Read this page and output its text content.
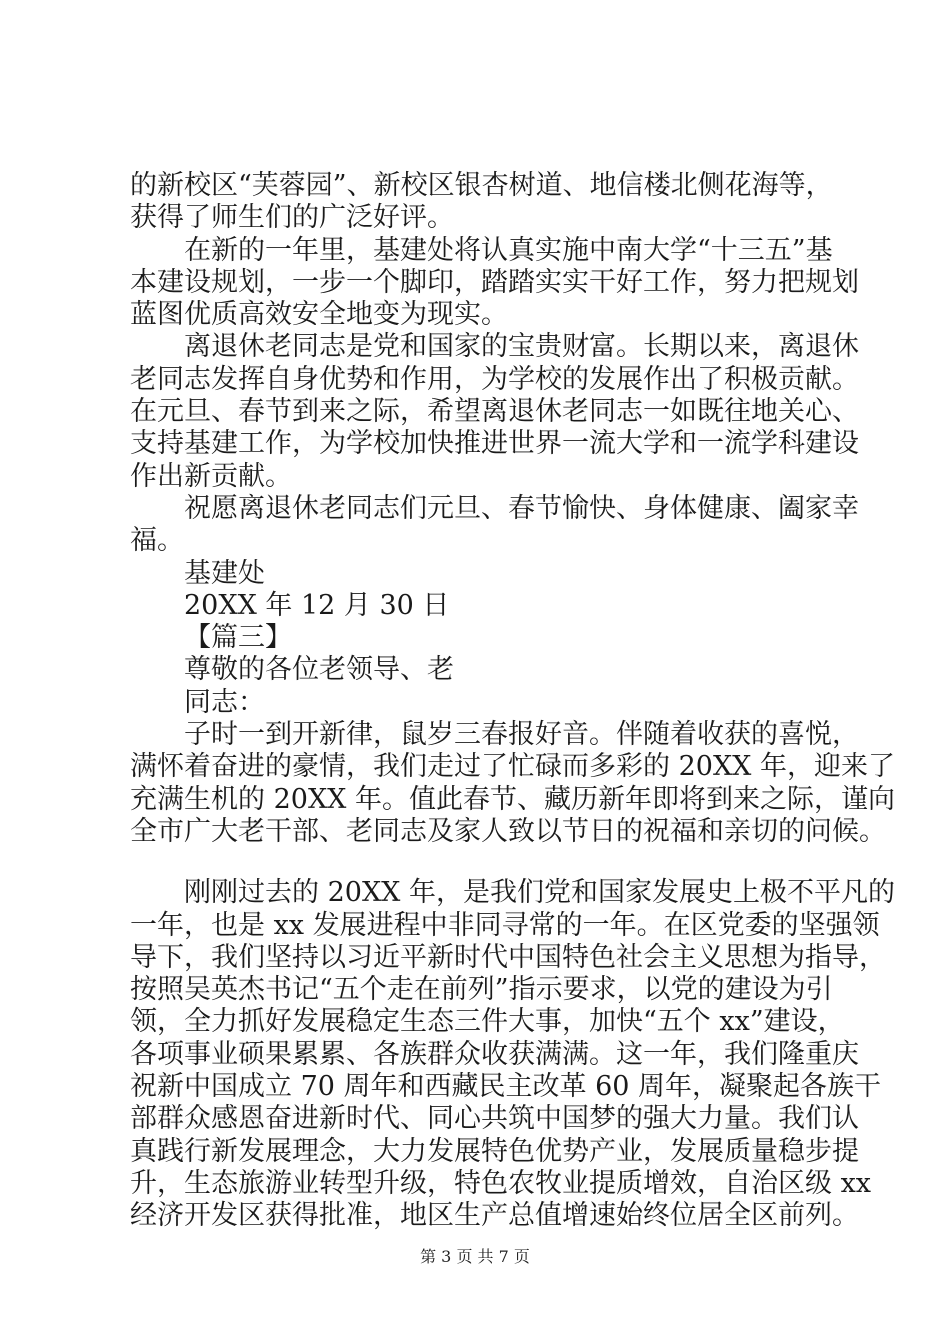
的新校区“芙蓉园”、新校区银杏树道、地信楼北侧花海等，
获得了师生们的广泛好评。
在新的一年里，基建处将认真实施中南大学“十三五”基
本建设规划，一步一个脚印，踏踏实实干好工作，努力把规划
蓝图优质高效安全地变为现实。
离退休老同志是党和国家的宝贵财富。长期以来，离退休
老同志发挥自身优势和作用，为学校的发展作出了积极贡献。
在元旦、春节到来之际，希望离退休老同志一如既往地关心、
支持基建工作，为学校加快推进世界一流大学和一流学科建设
作出新贡献。
祝愿离退休老同志们元旦、春节愉快、身体健康、阖家幸
福。
基建处
20XX 年 12 月 30 日
【篇三】
尊敬的各位老领导、老
同志：
子时一到开新律，鼠岁三春报好音。伴随着收获的喜悦，
满怀着奋进的豪情，我们走过了忙碌而多彩的 20XX 年，迎来了
充满生机的 20XX 年。值此春节、藏历新年即将到来之际，谨向
全市广大老干部、老同志及家人致以节日的祝福和亲切的问候。
刚刚过去的 20XX 年，是我们党和国家发展史上极不平凡的
一年，也是 xx 发展进程中非同寻常的一年。在区党委的坚强领
导下，我们坚持以习近平新时代中国特色社会主义思想为指导，
按照吴英杰书记“五个走在前列”指示要求，以党的建设为引
领，全力抓好发展稳定生态三件大事，加快“五个 xx”建设，
各项事业硕果累累、各族群众收获满满。这一年，我们隆重庆
祝新中国成立 70 周年和西藏民主改革 60 周年，凝聚起各族干
部群众感恩奋进新时代、同心共筑中国梦的强大力量。我们认
真践行新发展理念，大力发展特色优势产业，发展质量稳步提
升，生态旅游业转型升级，特色农牧业提质增效，自治区级 xx
经济开发区获得批准，地区生产总值增速始终位居全区前列。
第 3 页 共 7 页
